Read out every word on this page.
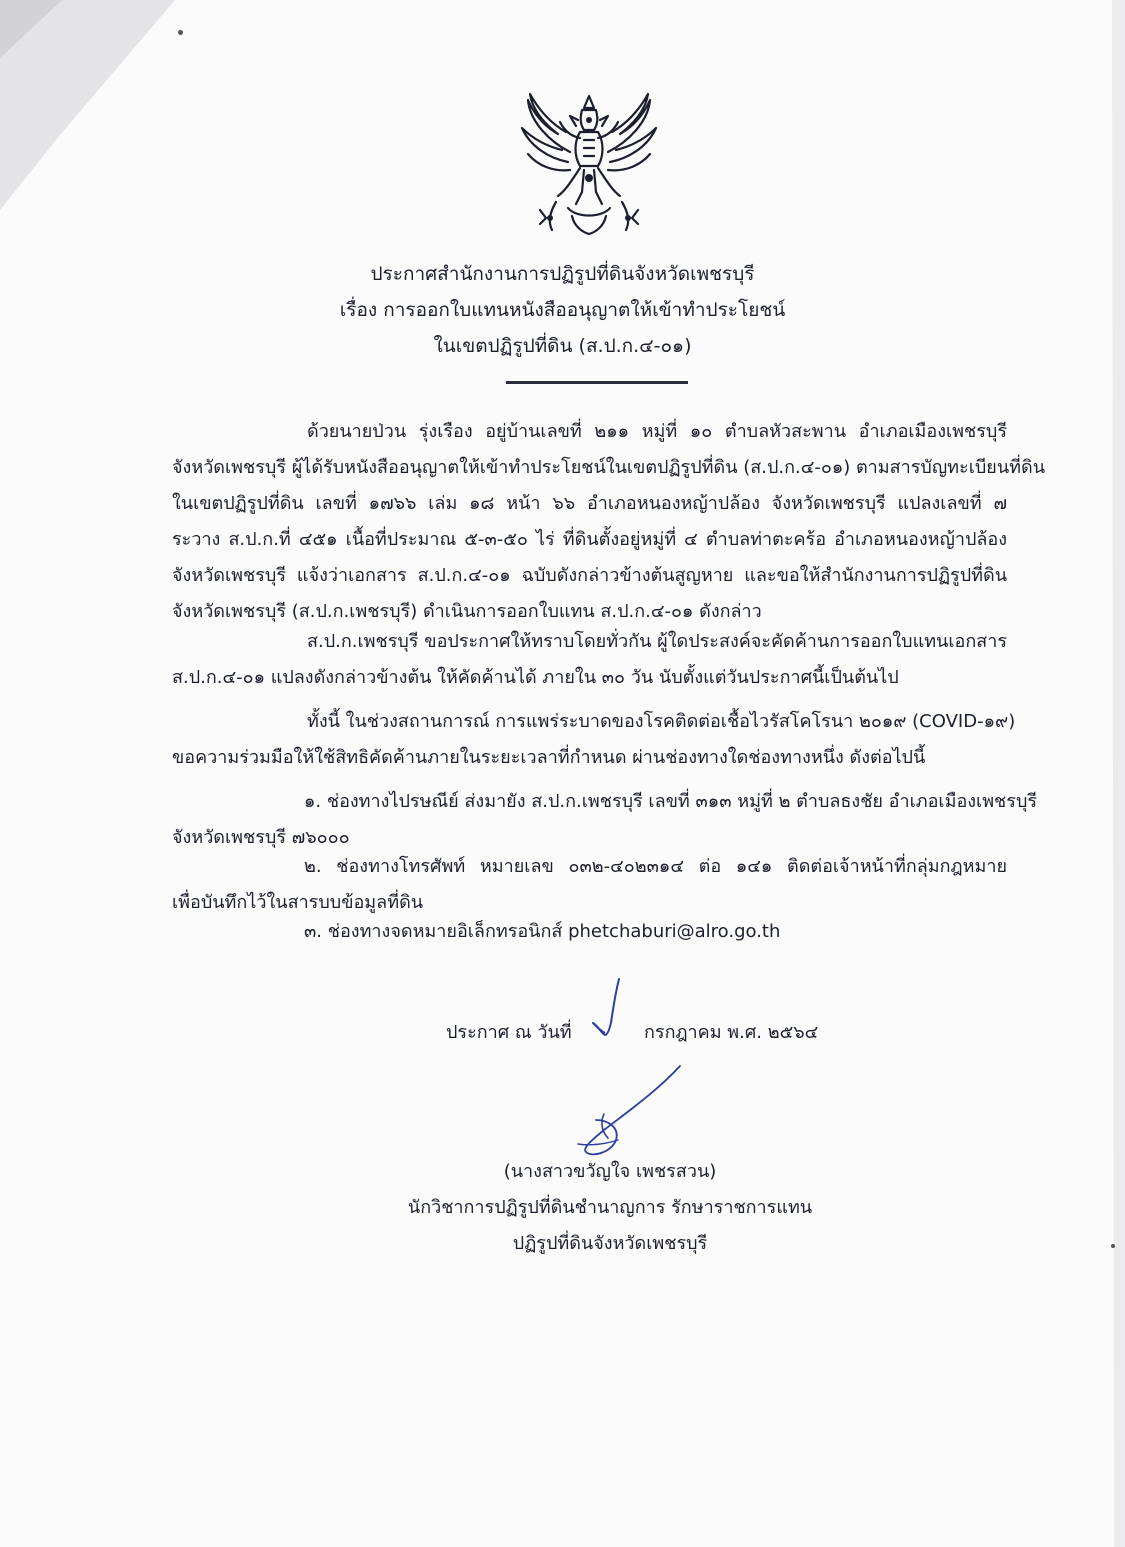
ประกาศสำนักงานการปฏิรูปที่ดินจังหวัดเพชรบุรี
เรื่อง การออกใบแทนหนังสืออนุญาตให้เข้าทำประโยชน์
ในเขตปฏิรูปที่ดิน (ส.ป.ก.๔-๐๑)
ด้วยนายป่วน รุ่งเรือง อยู่บ้านเลขที่ ๒๑๑ หมู่ที่ ๑๐ ตำบลหัวสะพาน อำเภอเมืองเพชรบุรี
จังหวัดเพชรบุรี ผู้ได้รับหนังสืออนุญาตให้เข้าทำประโยชน์ในเขตปฏิรูปที่ดิน (ส.ป.ก.๔-๐๑) ตามสารบัญทะเบียนที่ดิน
ในเขตปฏิรูปที่ดิน เลขที่ ๑๗๖๖ เล่ม ๑๘ หน้า ๖๖ อำเภอหนองหญ้าปล้อง จังหวัดเพชรบุรี แปลงเลขที่ ๗
ระวาง ส.ป.ก.ที่ ๔๕๑ เนื้อที่ประมาณ ๕-๓-๕๐ ไร่ ที่ดินตั้งอยู่หมู่ที่ ๔ ตำบลท่าตะคร้อ อำเภอหนองหญ้าปล้อง
จังหวัดเพชรบุรี แจ้งว่าเอกสาร ส.ป.ก.๔-๐๑ ฉบับดังกล่าวข้างต้นสูญหาย และขอให้สำนักงานการปฏิรูปที่ดิน
จังหวัดเพชรบุรี (ส.ป.ก.เพชรบุรี) ดำเนินการออกใบแทน ส.ป.ก.๔-๐๑ ดังกล่าว
ส.ป.ก.เพชรบุรี ขอประกาศให้ทราบโดยทั่วกัน ผู้ใดประสงค์จะคัดค้านการออกใบแทนเอกสาร
ส.ป.ก.๔-๐๑ แปลงดังกล่าวข้างต้น ให้คัดค้านได้ ภายใน ๓๐ วัน นับตั้งแต่วันประกาศนี้เป็นต้นไป
ทั้งนี้ ในช่วงสถานการณ์ การแพร่ระบาดของโรคติดต่อเชื้อไวรัสโคโรนา ๒๐๑๙ (COVID-๑๙)
ขอความร่วมมือให้ใช้สิทธิคัดค้านภายในระยะเวลาที่กำหนด ผ่านช่องทางใดช่องทางหนึ่ง ดังต่อไปนี้
๑. ช่องทางไปรษณีย์ ส่งมายัง ส.ป.ก.เพชรบุรี เลขที่ ๓๑๓ หมู่ที่ ๒ ตำบลธงชัย อำเภอเมืองเพชรบุรี
จังหวัดเพชรบุรี ๗๖๐๐๐
๒. ช่องทางโทรศัพท์ หมายเลข ๐๓๒-๔๐๒๓๑๔ ต่อ ๑๔๑ ติดต่อเจ้าหน้าที่กลุ่มกฎหมาย
เพื่อบันทึกไว้ในสารบบข้อมูลที่ดิน
๓. ช่องทางจดหมายอิเล็กทรอนิกส์ phetchaburi@alro.go.th
ประกาศ ณ วันที่	กรกฎาคม พ.ศ. ๒๕๖๔
(นางสาวขวัญใจ เพชรสวน)
นักวิชาการปฏิรูปที่ดินชำนาญการ รักษาราชการแทน
ปฏิรูปที่ดินจังหวัดเพชรบุรี
